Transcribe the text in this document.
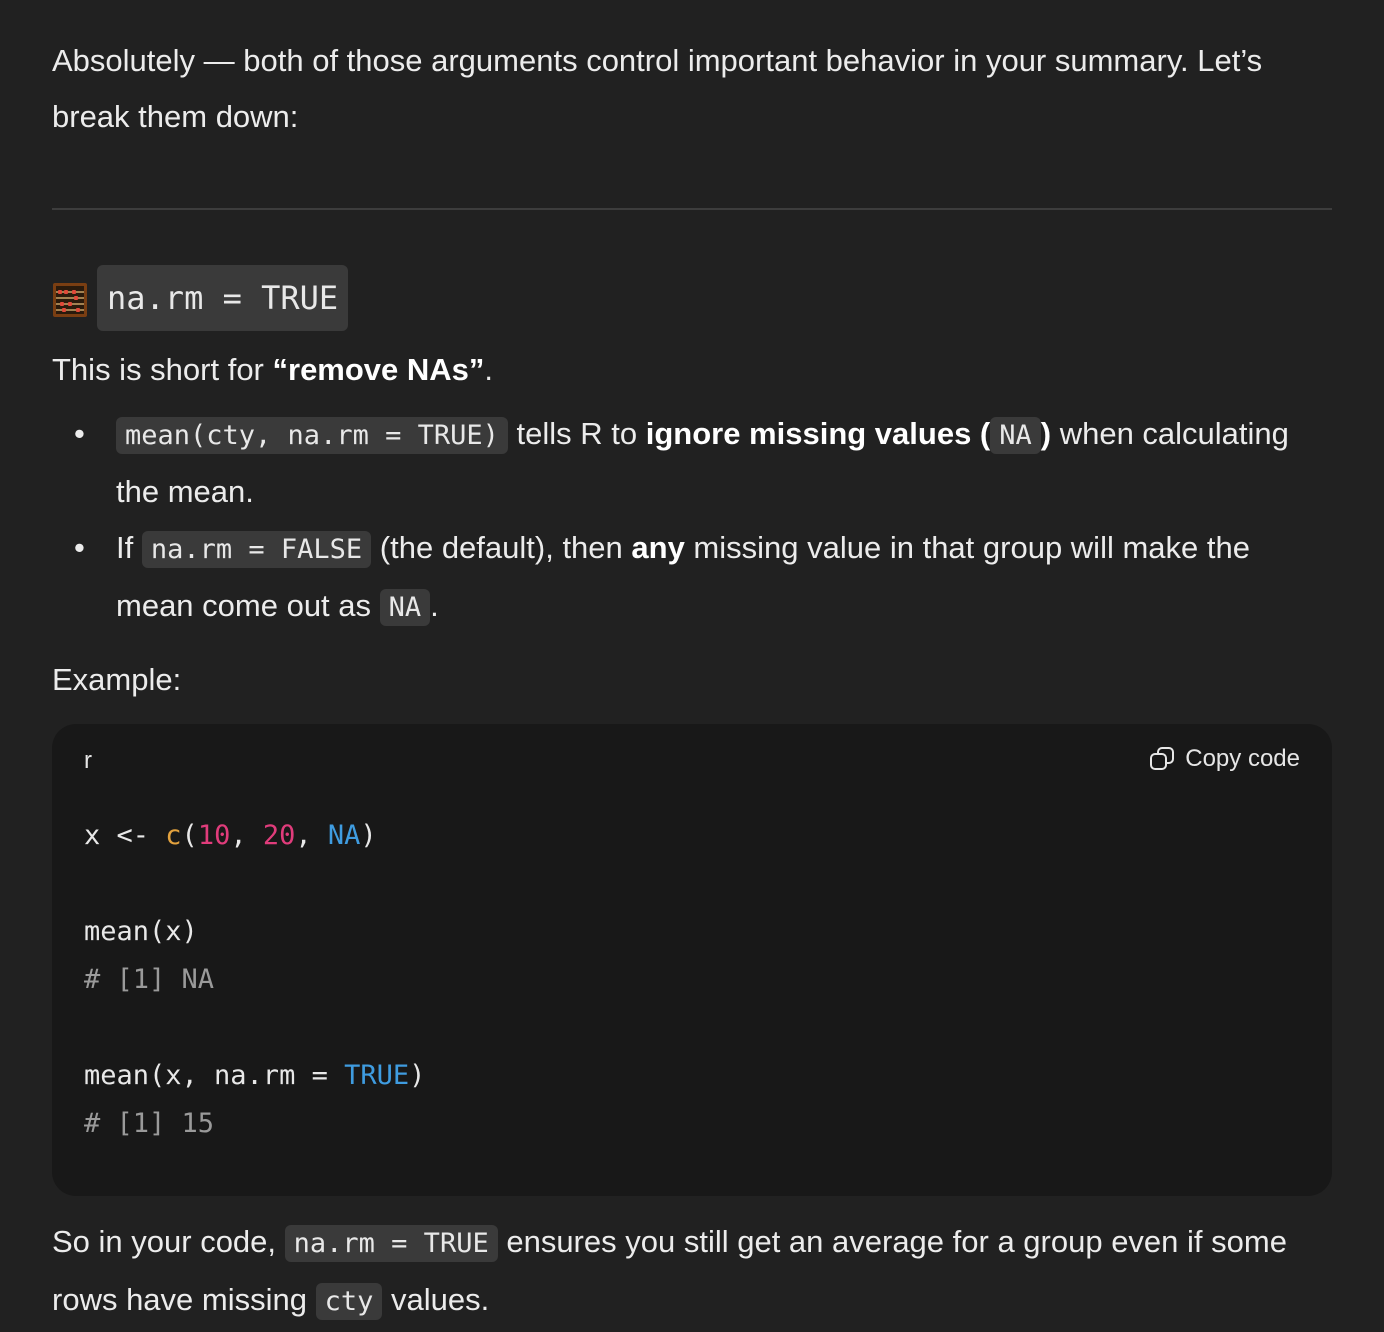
Absolutely — both of those arguments control important behavior in your summary. Let’s break them down:

na.rm = TRUE

This is short for “remove NAs”.

• mean(cty, na.rm = TRUE) tells R to ignore missing values ( NA ) when calculating the mean.
• If na.rm = FALSE (the default), then any missing value in that group will make the mean come out as NA .

Example:

r	Copy code
x <- c(10, 20, NA)

mean(x)
# [1] NA

mean(x, na.rm = TRUE)
# [1] 15

So in your code, na.rm = TRUE ensures you still get an average for a group even if some rows have missing cty values.
